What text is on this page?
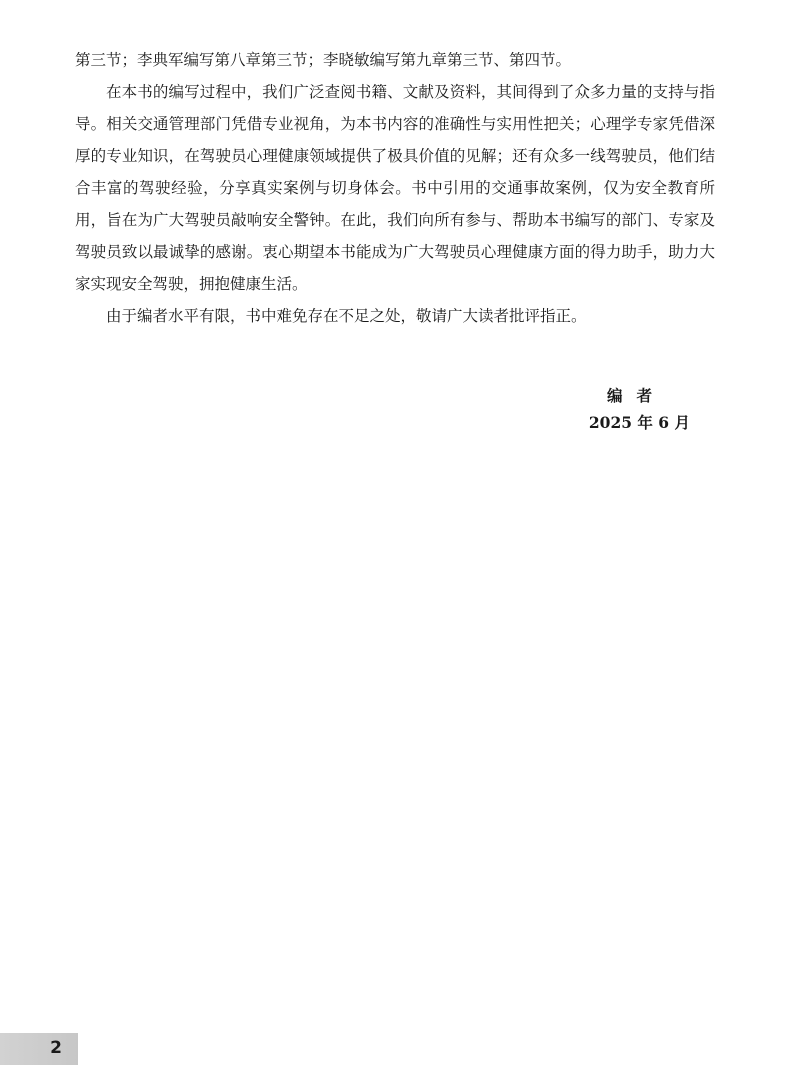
第三节；李典军编写第八章第三节；李晓敏编写第九章第三节、第四节。

在本书的编写过程中，我们广泛查阅书籍、文献及资料，其间得到了众多力量的支持与指导。相关交通管理部门凭借专业视角，为本书内容的准确性与实用性把关；心理学专家凭借深厚的专业知识，在驾驶员心理健康领域提供了极具价值的见解；还有众多一线驾驶员，他们结合丰富的驾驶经验，分享真实案例与切身体会。书中引用的交通事故案例，仅为安全教育所用，旨在为广大驾驶员敲响安全警钟。在此，我们向所有参与、帮助本书编写的部门、专家及驾驶员致以最诚挚的感谢。衷心期望本书能成为广大驾驶员心理健康方面的得力助手，助力大家实现安全驾驶，拥抱健康生活。

由于编者水平有限，书中难免存在不足之处，敬请广大读者批评指正。

编者
2025 年 6 月
2
